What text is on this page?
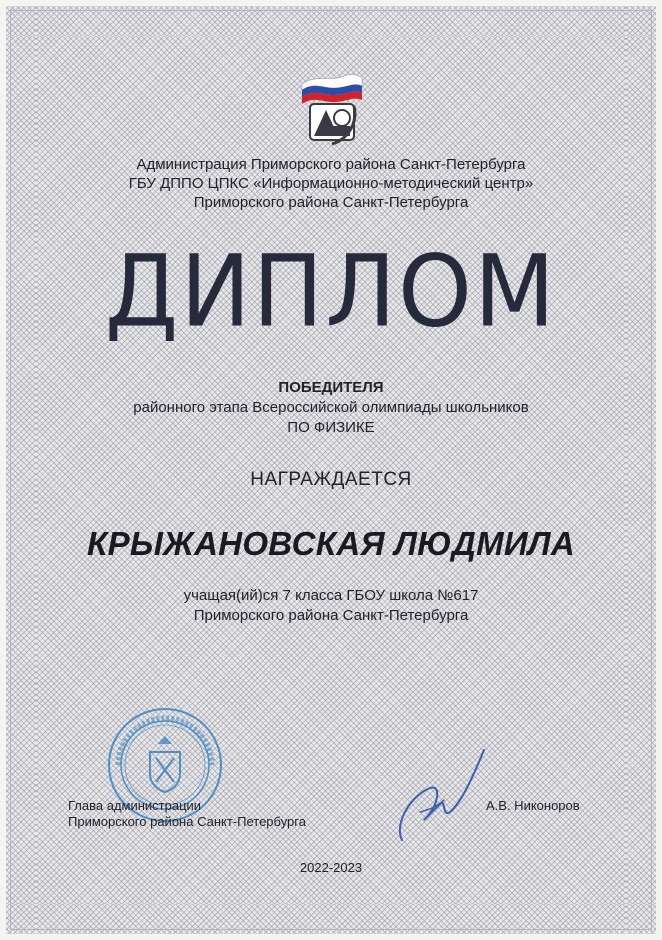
Администрация Приморского района Санкт-Петербурга
ГБУ ДППО ЦПКС «Информационно-методический центр»
Приморского района Санкт-Петербурга
ДИПЛОМ
ПОБЕДИТЕЛЯ
районного этапа Всероссийской олимпиады школьников
ПО ФИЗИКЕ
НАГРАЖДАЕТСЯ
КРЫЖАНОВСКАЯ ЛЮДМИЛА
учащая(ий)ся 7 класса ГБОУ школа №617
Приморского района Санкт-Петербурга
Глава администрации
Приморского района Санкт-Петербурга
А.В. Никоноров
2022-2023
